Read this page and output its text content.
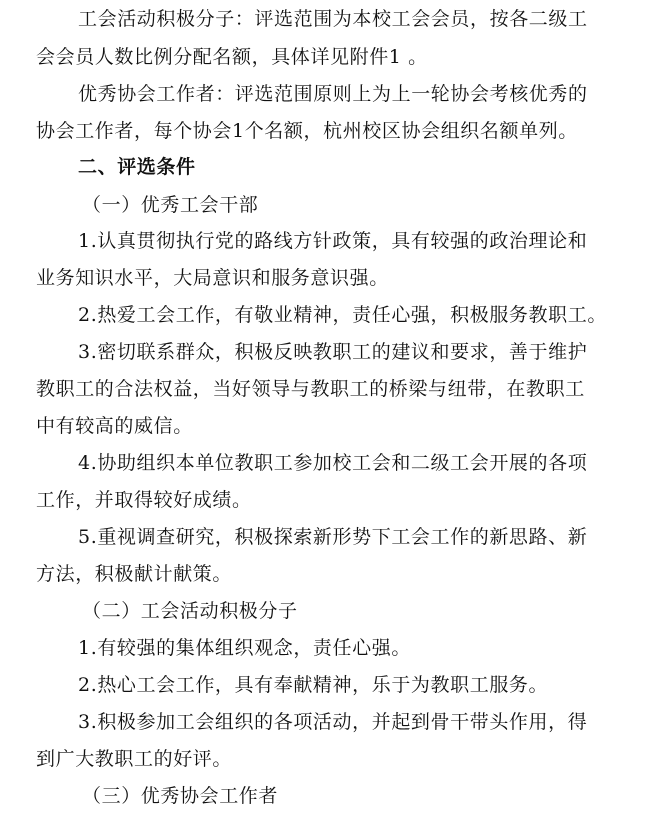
工会活动积极分子：评选范围为本校工会会员，按各二级工
会会员人数比例分配名额，具体详见附件1 。
优秀协会工作者：评选范围原则上为上一轮协会考核优秀的
协会工作者，每个协会1个名额，杭州校区协会组织名额单列。
二、评选条件
（一）优秀工会干部
1.认真贯彻执行党的路线方针政策，具有较强的政治理论和
业务知识水平，大局意识和服务意识强。
2.热爱工会工作，有敬业精神，责任心强，积极服务教职工。
3.密切联系群众，积极反映教职工的建议和要求，善于维护
教职工的合法权益，当好领导与教职工的桥梁与纽带，在教职工
中有较高的威信。
4.协助组织本单位教职工参加校工会和二级工会开展的各项
工作，并取得较好成绩。
5.重视调查研究，积极探索新形势下工会工作的新思路、新
方法，积极献计献策。
（二）工会活动积极分子
1.有较强的集体组织观念，责任心强。
2.热心工会工作，具有奉献精神，乐于为教职工服务。
3.积极参加工会组织的各项活动，并起到骨干带头作用，得
到广大教职工的好评。
（三）优秀协会工作者
